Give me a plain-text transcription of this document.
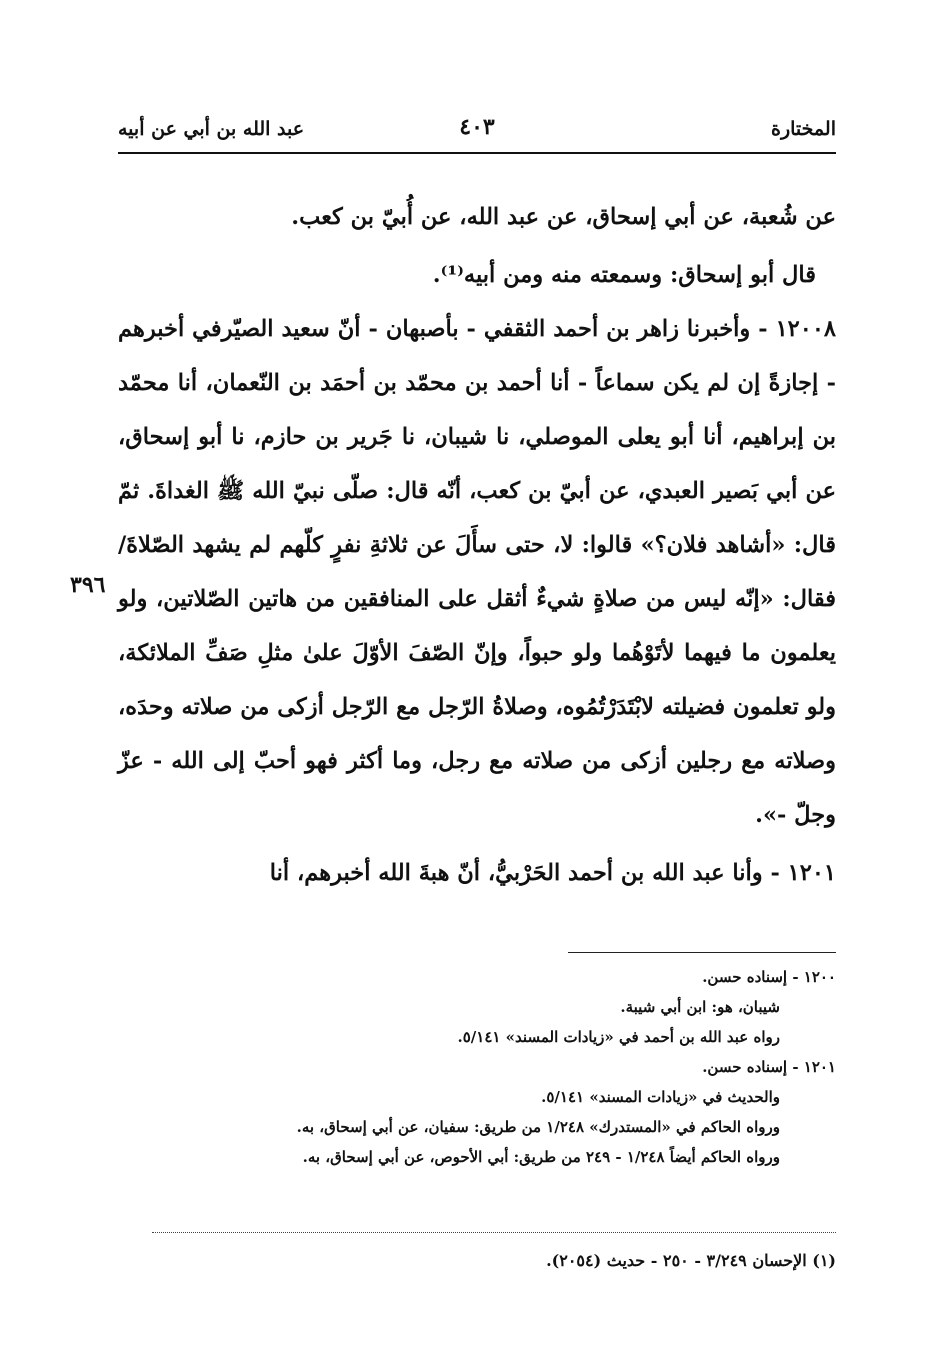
المختارة
٤٠٣
عبد الله بن أبي عن أبيه

عن شُعبة، عن أبي إسحاق، عن عبد الله، عن أُبيّ بن كعب.

قال أبو إسحاق: وسمعته منه ومن أبيه⁽¹⁾.

١٢٠٠٨ - وأخبرنا زاهر بن أحمد الثقفي - بأصبهان - أنّ سعيد الصيّرفي أخبرهم - إجازةً إن لم يكن سماعاً - أنا أحمد بن محمّد بن أحمَد بن النّعمان، أنا محمّد بن إبراهيم، أنا أبو يعلى الموصلي، نا شيبان، نا جَرير بن حازم، نا أبو إسحاق، عن أبي بَصير العبدي، عن أبيّ بن كعب، أنّه قال: صلّى نبيّ الله ﷺ الغداةَ. ثمّ قال: «أشاهد فلان؟» قالوا: لا، حتى سأَلَ عن ثلاثةِ نفرٍ كلّهم لم يشهد الصّلاةَ/ فقال: «إنّه ليس من صلاةٍ شيءٌ أثقل على المنافقين من هاتين الصّلاتين، ولو يعلمون ما فيهما لأتَوْهُما ولو حبواً، وإنّ الصّفَ الأوّلَ علىٰ مثلِ صَفِّ الملائكة، ولو تعلمون فضيلته لابْتَدَرْتُمُوه، وصلاةُ الرّجل مع الرّجل أزكى من صلاته وحدَه، وصلاته مع رجلين أزكى من صلاته مع رجل، وما أكثر فهو أحبّ إلى الله - عزّ وجلّ -».

١٢٠١ - وأنا عبد الله بن أحمد الحَرْبيُّ، أنّ هبةَ الله أخبرهم، أنا

٣٩٦

١٢٠٠ - إسناده حسن.

شيبان، هو: ابن أبي شيبة.

رواه عبد الله بن أحمد في «زيادات المسند» ٥/١٤١.

١٢٠١ - إسناده حسن.

والحديث في «زيادات المسند» ٥/١٤١.

ورواه الحاكم في «المستدرك» ١/٢٤٨ من طريق: سفيان، عن أبي إسحاق، به.

ورواه الحاكم أيضاً ١/٢٤٨ - ٢٤٩ من طريق: أبي الأحوص، عن أبي إسحاق، به.

(١) الإحسان ٣/٢٤٩ - ٢٥٠ - حديث (٢٠٥٤).
